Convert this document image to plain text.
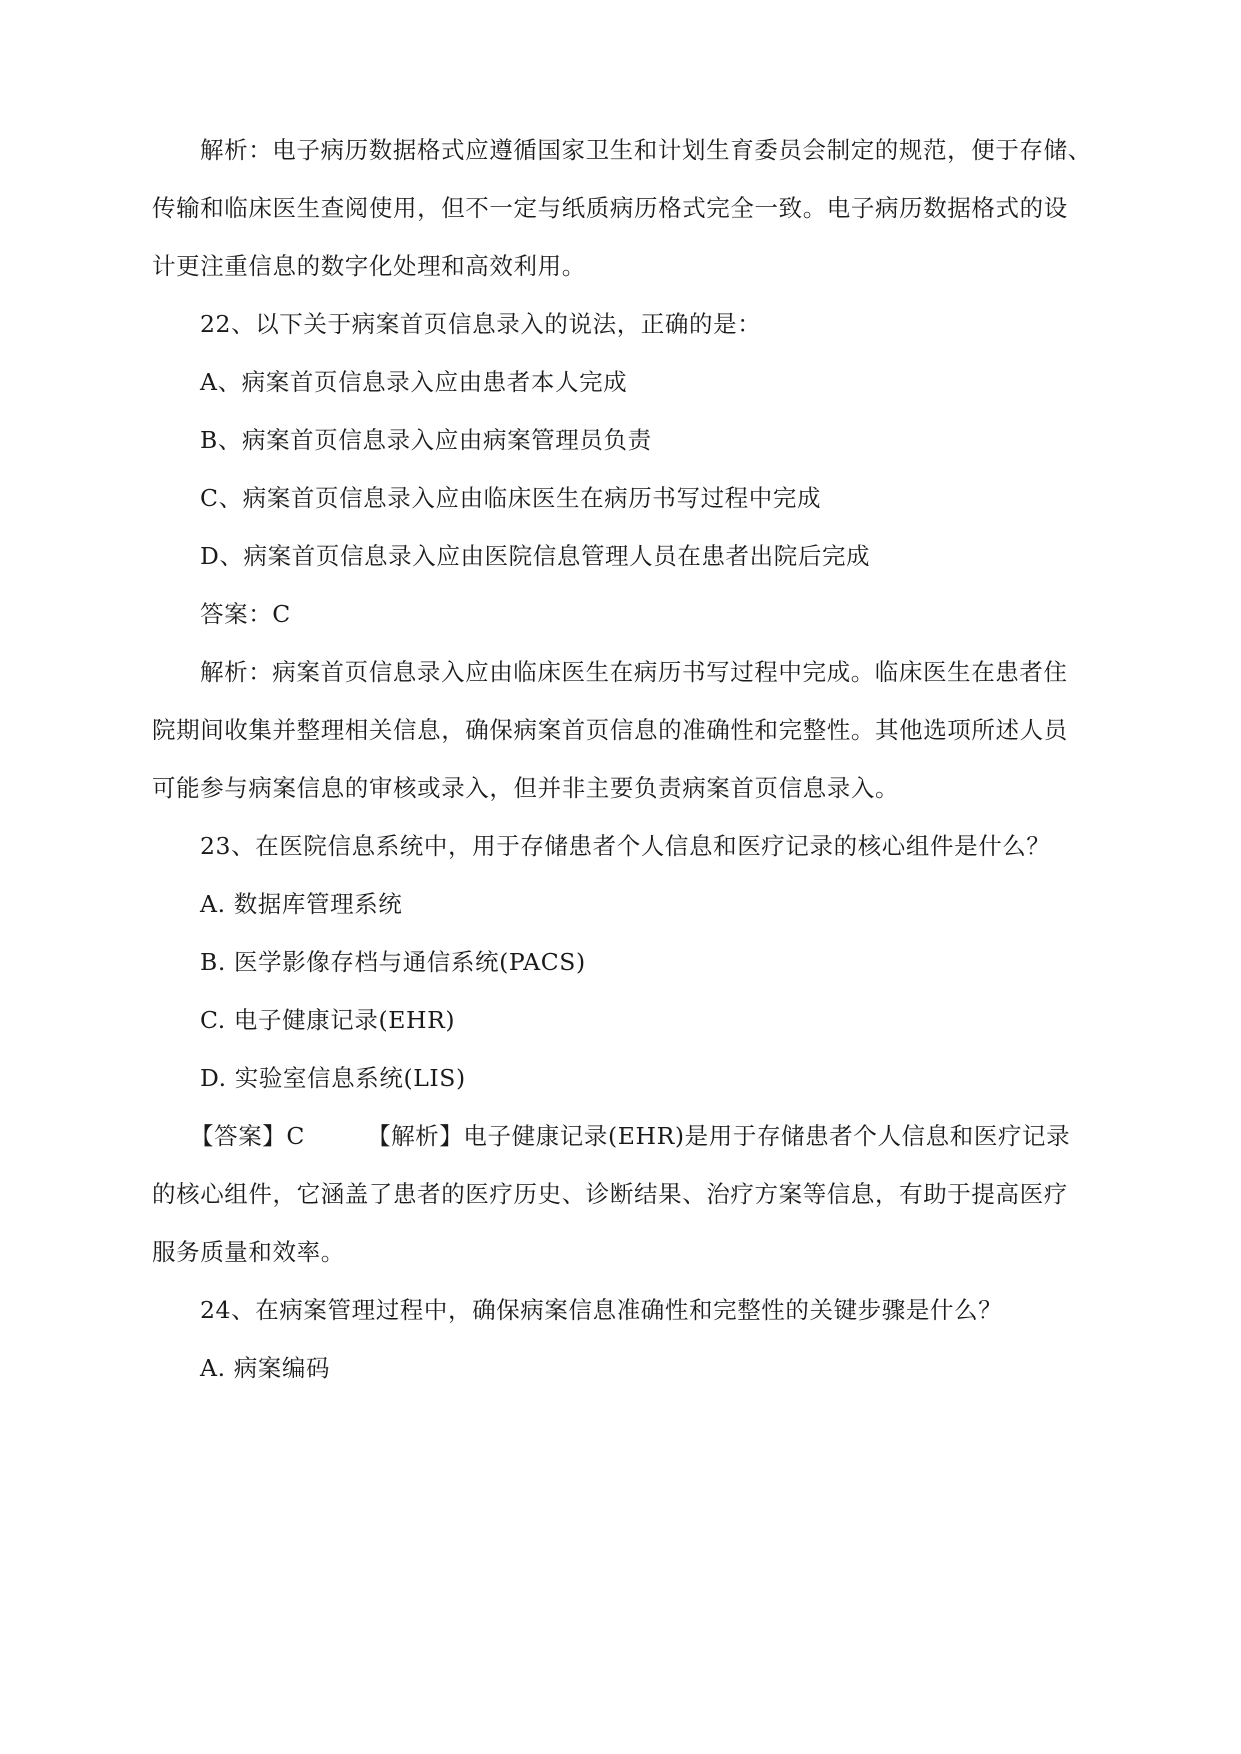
解析：电子病历数据格式应遵循国家卫生和计划生育委员会制定的规范，便于存储、
传输和临床医生查阅使用，但不一定与纸质病历格式完全一致。电子病历数据格式的设
计更注重信息的数字化处理和高效利用。
22、以下关于病案首页信息录入的说法，正确的是：
A、病案首页信息录入应由患者本人完成
B、病案首页信息录入应由病案管理员负责
C、病案首页信息录入应由临床医生在病历书写过程中完成
D、病案首页信息录入应由医院信息管理人员在患者出院后完成
答案：C
解析：病案首页信息录入应由临床医生在病历书写过程中完成。临床医生在患者住
院期间收集并整理相关信息，确保病案首页信息的准确性和完整性。其他选项所述人员
可能参与病案信息的审核或录入，但并非主要负责病案首页信息录入。
23、在医院信息系统中，用于存储患者个人信息和医疗记录的核心组件是什么？
A. 数据库管理系统
B. 医学影像存档与通信系统(PACS)
C. 电子健康记录(EHR)
D. 实验室信息系统(LIS)
【答案】C	【解析】电子健康记录(EHR)是用于存储患者个人信息和医疗记录
的核心组件，它涵盖了患者的医疗历史、诊断结果、治疗方案等信息，有助于提高医疗
服务质量和效率。
24、在病案管理过程中，确保病案信息准确性和完整性的关键步骤是什么？
A. 病案编码
